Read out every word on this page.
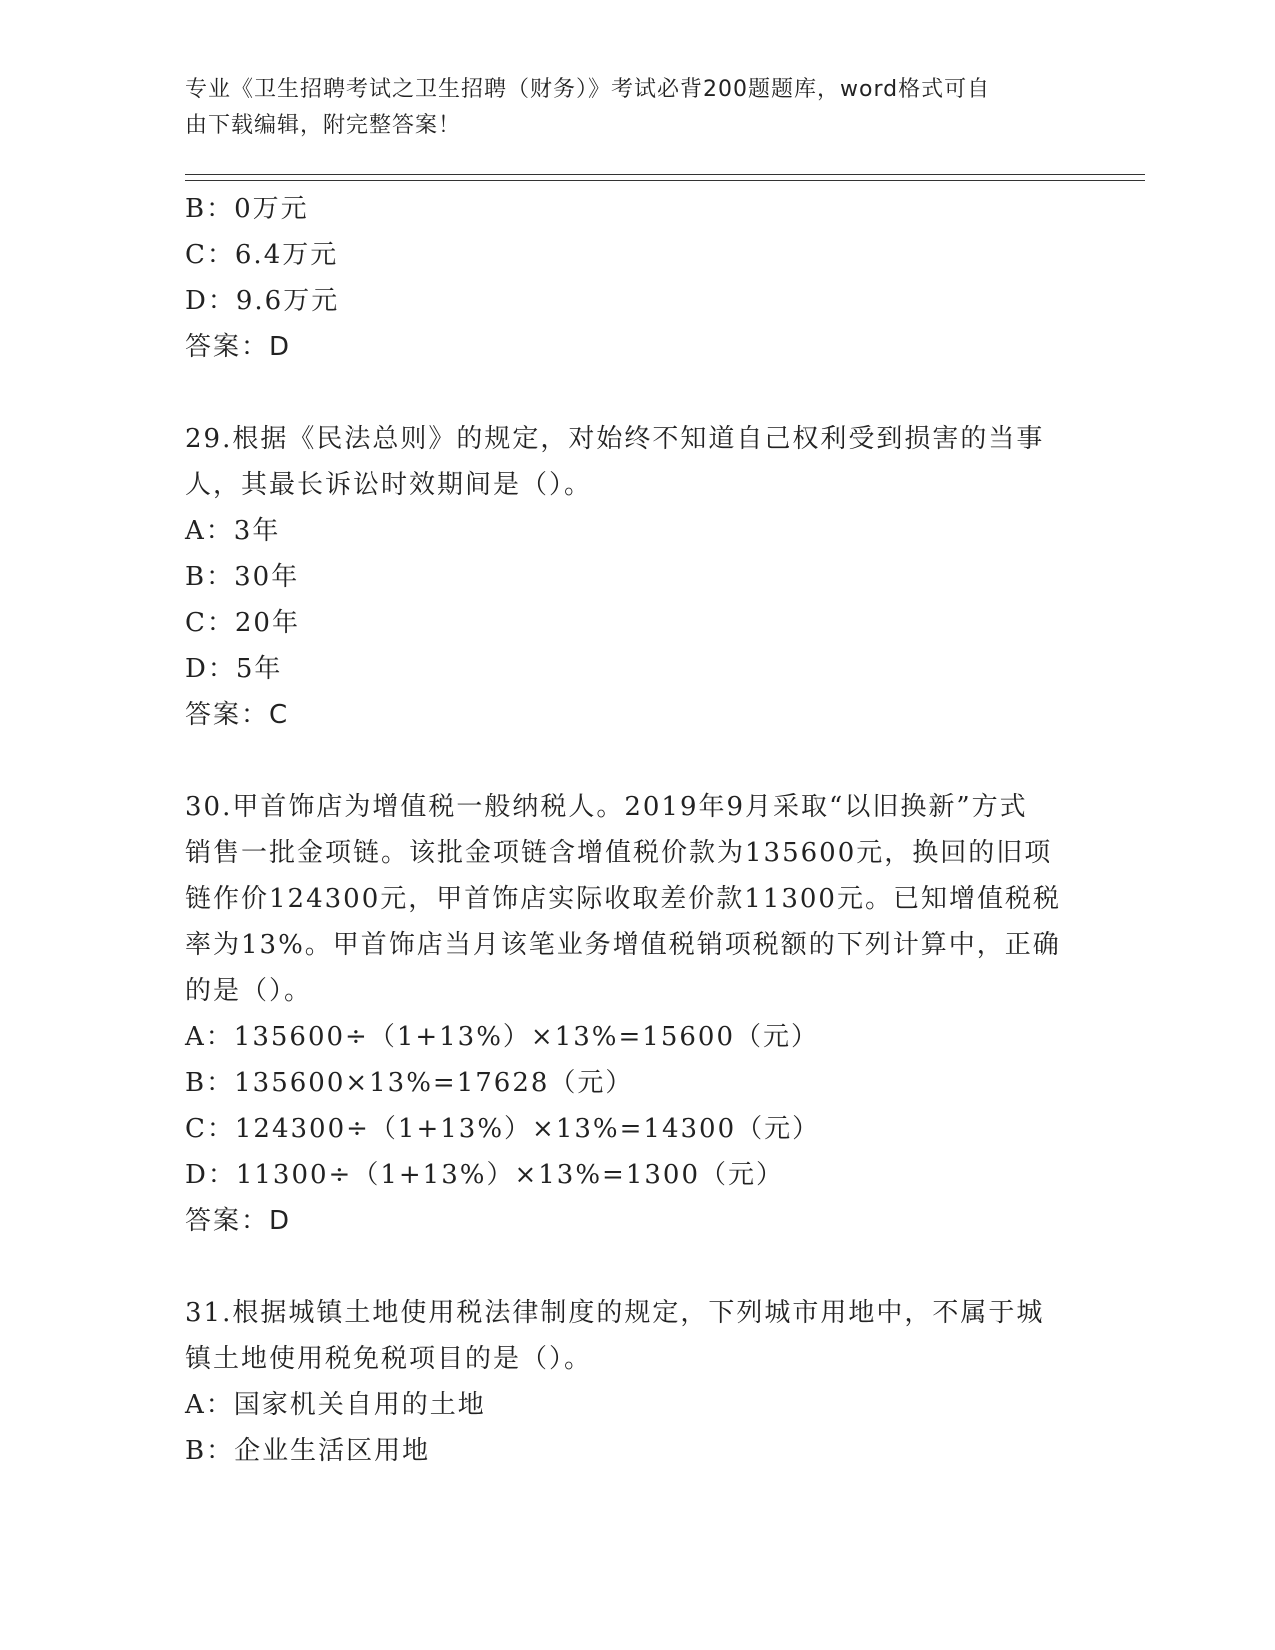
专业《卫生招聘考试之卫生招聘（财务）》考试必背200题题库，word格式可自
由下载编辑，附完整答案！
B：0万元
C：6.4万元
D：9.6万元
答案：D
29.根据《民法总则》的规定，对始终不知道自己权利受到损害的当事
人，其最长诉讼时效期间是（）。
A：3年
B：30年
C：20年
D：5年
答案：C
30.甲首饰店为增值税一般纳税人。2019年9月采取“以旧换新”方式
销售一批金项链。该批金项链含增值税价款为135600元，换回的旧项
链作价124300元，甲首饰店实际收取差价款11300元。已知增值税税
率为13%。甲首饰店当月该笔业务增值税销项税额的下列计算中，正确
的是（）。
A：135600÷（1+13%）×13%=15600（元）
B：135600×13%=17628（元）
C：124300÷（1+13%）×13%=14300（元）
D：11300÷（1+13%）×13%=1300（元）
答案：D
31.根据城镇土地使用税法律制度的规定，下列城市用地中，不属于城
镇土地使用税免税项目的是（）。
A：国家机关自用的土地
B：企业生活区用地
